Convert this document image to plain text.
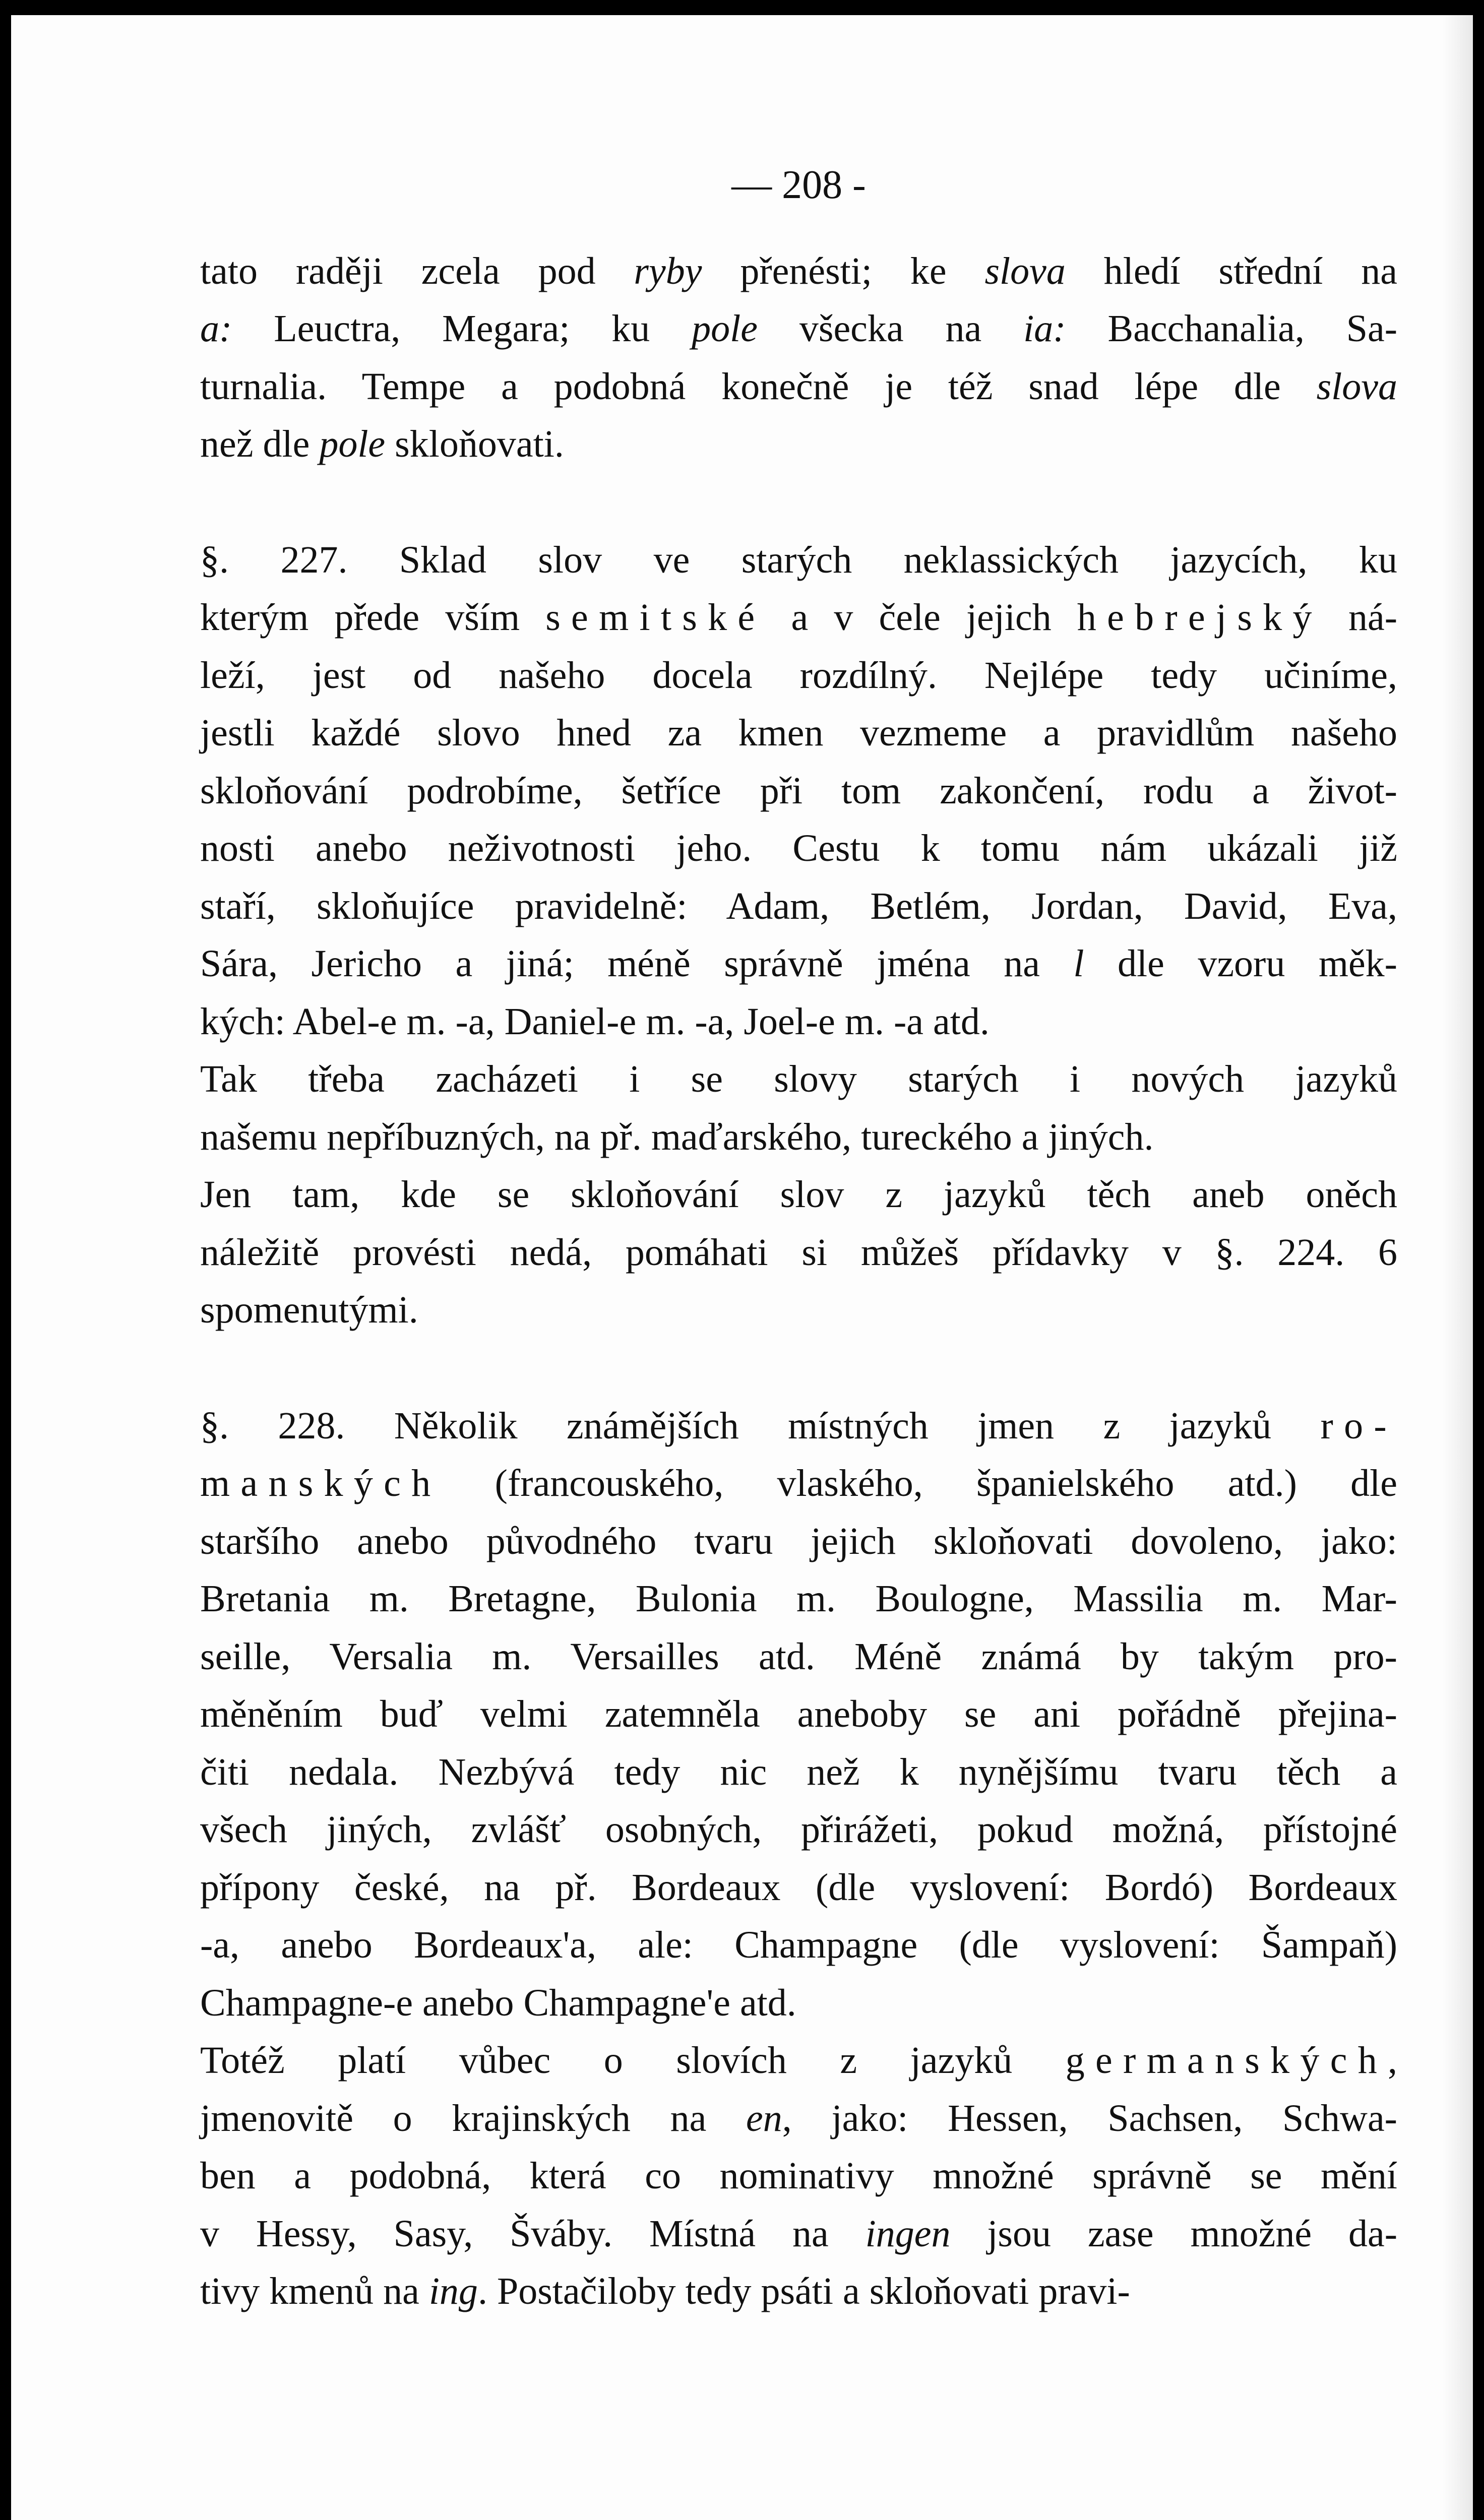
— 208 -
tato raději zcela pod ryby přenésti; ke slova hledí střední na
a: Leuctra, Megara; ku pole všecka na ia: Bacchanalia, Sa-
turnalia. Tempe a podobná konečně je též snad lépe dle slova
než dle pole skloňovati.
§. 227. Sklad slov ve starých neklassických jazycích, ku
kterým přede vším semitské a v čele jejich hebrejský ná-
leží, jest od našeho docela rozdílný. Nejlépe tedy učiníme,
jestli každé slovo hned za kmen vezmeme a pravidlům našeho
skloňování podrobíme, šetříce při tom zakončení, rodu a život-
nosti anebo neživotnosti jeho. Cestu k tomu nám ukázali již
staří, skloňujíce pravidelně: Adam, Betlém, Jordan, David, Eva,
Sára, Jericho a jiná; méně správně jména na l dle vzoru měk-
kých: Abel-e m. -a, Daniel-e m. -a, Joel-e m. -a atd.
Tak třeba zacházeti i se slovy starých i nových jazyků
našemu nepříbuzných, na př. maďarského, tureckého a jiných.
Jen tam, kde se skloňování slov z jazyků těch aneb oněch
náležitě provésti nedá, pomáhati si můžeš přídavky v §. 224. 6
spomenutými.
§. 228. Několik známějších místných jmen z jazyků ro-
manských (francouského, vlaského, španielského atd.) dle
staršího anebo původného tvaru jejich skloňovati dovoleno, jako:
Bretania m. Bretagne, Bulonia m. Boulogne, Massilia m. Mar-
seille, Versalia m. Versailles atd. Méně známá by takým pro-
měněním buď velmi zatemněla aneboby se ani pořádně přejina-
čiti nedala. Nezbývá tedy nic než k nynějšímu tvaru těch a
všech jiných, zvlášť osobných, přirážeti, pokud možná, přístojné
přípony české, na př. Bordeaux (dle vyslovení: Bordó) Bordeaux
-a, anebo Bordeaux'a, ale: Champagne (dle vyslovení: Šampaň)
Champagne-e anebo Champagne'e atd.
Totéž platí vůbec o slovích z jazyků germanských,
jmenovitě o krajinských na en, jako: Hessen, Sachsen, Schwa-
ben a podobná, která co nominativy množné správně se mění
v Hessy, Sasy, Šváby. Místná na ingen jsou zase množné da-
tivy kmenů na ing. Postačiloby tedy psáti a skloňovati pravi-
